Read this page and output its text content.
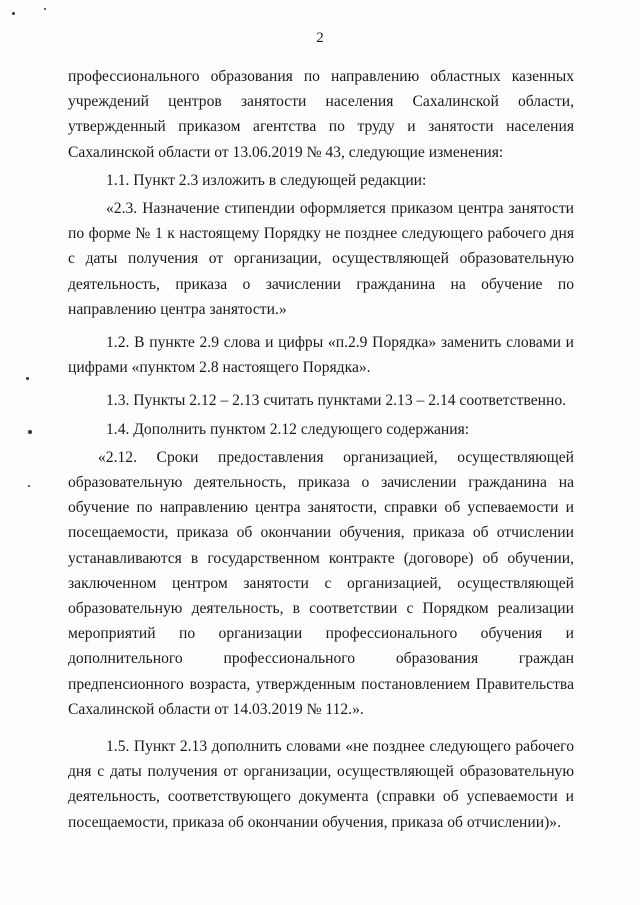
2

профессионального образования по направлению областных казенных учреждений центров занятости населения Сахалинской области, утвержденный приказом агентства по труду и занятости населения Сахалинской области от 13.06.2019 № 43, следующие изменения:

1.1. Пункт 2.3 изложить в следующей редакции:

«2.3. Назначение стипендии оформляется приказом центра занятости по форме № 1 к настоящему Порядку не позднее следующего рабочего дня с даты получения от организации, осуществляющей образовательную деятельность, приказа о зачислении гражданина на обучение по направлению центра занятости.»

1.2. В пункте 2.9 слова и цифры «п.2.9 Порядка» заменить словами и цифрами «пунктом 2.8 настоящего Порядка».

1.3. Пункты 2.12 – 2.13 считать пунктами 2.13 – 2.14 соответственно.

1.4. Дополнить пунктом 2.12 следующего содержания:

«2.12. Сроки предоставления организацией, осуществляющей образовательную деятельность, приказа о зачислении гражданина на обучение по направлению центра занятости, справки об успеваемости и посещаемости, приказа об окончании обучения, приказа об отчислении устанавливаются в государственном контракте (договоре) об обучении, заключенном центром занятости с организацией, осуществляющей образовательную деятельность, в соответствии с Порядком реализации мероприятий по организации профессионального обучения и дополнительного профессионального образования граждан предпенсионного возраста, утвержденным постановлением Правительства Сахалинской области от 14.03.2019 № 112.».

1.5. Пункт 2.13 дополнить словами «не позднее следующего рабочего дня с даты получения от организации, осуществляющей образовательную деятельность, соответствующего документа (справки об успеваемости и посещаемости, приказа об окончании обучения, приказа об отчислении)».
